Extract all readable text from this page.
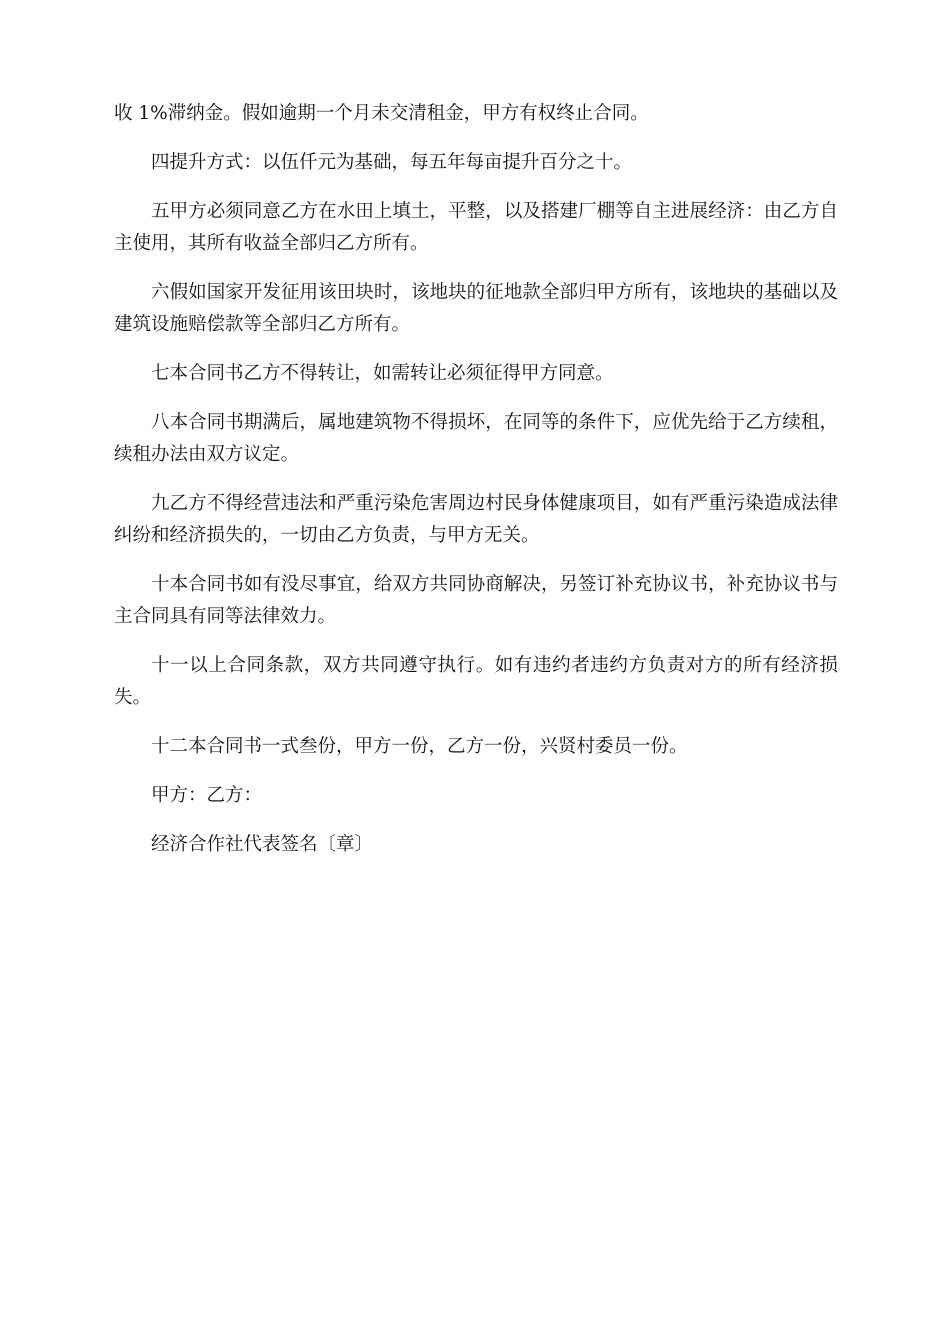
收 1%滞纳金。假如逾期一个月未交清租金，甲方有权终止合同。

四提升方式：以伍仟元为基础，每五年每亩提升百分之十。

五甲方必须同意乙方在水田上填土，平整，以及搭建厂棚等自主进展经济：由乙方自主使用，其所有收益全部归乙方所有。

六假如国家开发征用该田块时，该地块的征地款全部归甲方所有，该地块的基础以及建筑设施赔偿款等全部归乙方所有。

七本合同书乙方不得转让，如需转让必须征得甲方同意。

八本合同书期满后，属地建筑物不得损坏，在同等的条件下，应优先给于乙方续租，续租办法由双方议定。

九乙方不得经营违法和严重污染危害周边村民身体健康项目，如有严重污染造成法律纠纷和经济损失的，一切由乙方负责，与甲方无关。

十本合同书如有没尽事宜，给双方共同协商解决，另签订补充协议书，补充协议书与主合同具有同等法律效力。

十一以上合同条款，双方共同遵守执行。如有违约者违约方负责对方的所有经济损失。

十二本合同书一式叁份，甲方一份，乙方一份，兴贤村委员一份。

甲方：乙方：

经济合作社代表签名〔章〕
